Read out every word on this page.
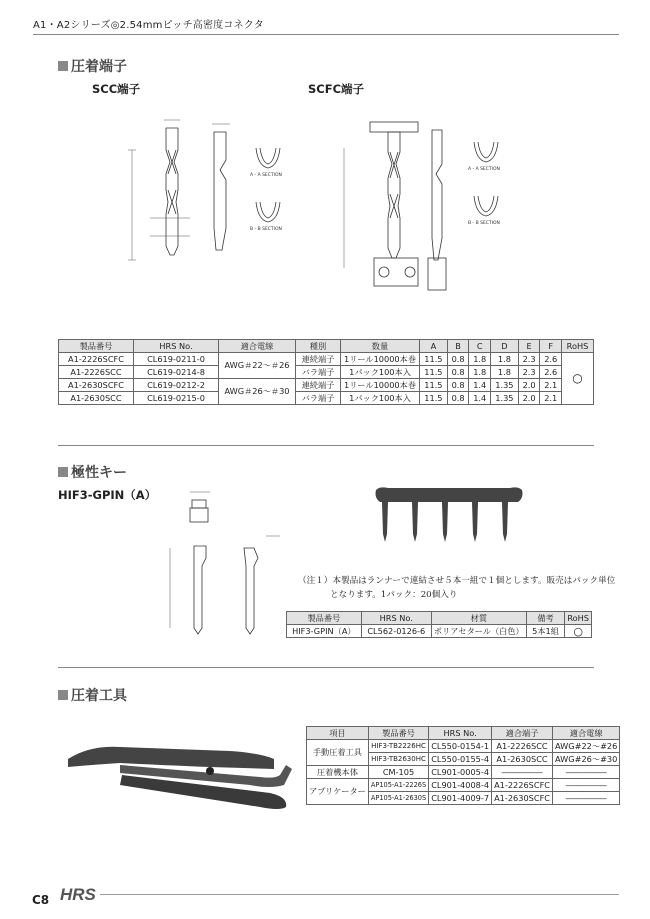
A1・A2シリーズ◎2.54mmピッチ高密度コネクタ
圧着端子
SCC端子	SCFC端子
A - A SECTION
B - B SECTION
A - A SECTION
B - B SECTION
製品番号	HRS No.	適合電線	種別	数量	A	B	C	D	E	F	RoHS
A1-2226SCFC	CL619-0211-0	AWG＃22～＃26	連続端子	1リール10000本巻	11.5	0.8	1.8	1.8	2.3	2.6	○
A1-2226SCC	CL619-0214-8		バラ端子	1パック100本入	11.5	0.8	1.8	1.8	2.3	2.6	
A1-2630SCFC	CL619-0212-2	AWG＃26～＃30	連続端子	1リール10000本巻	11.5	0.8	1.4	1.35	2.0	2.1	
A1-2630SCC	CL619-0215-0		バラ端子	1パック100本入	11.5	0.8	1.4	1.35	2.0	2.1	
極性キー
HIF3-GPIN（A）
（注１）本製品はランナーで連結させ５本一組で１個とします。販売はパック単位
となります。1パック：20個入り
製品番号	HRS No.	材質	備考	RoHS
HIF3-GPIN（A）	CL562-0126-6	ポリアセタール（白色）	5本1組	○
圧着工具
項目	製品番号	HRS No.	適合端子	適合電線
手動圧着工具	HIF3-TB2226HC	CL550-0154-1	A1-2226SCC	AWG#22～#26
	HIF3-TB2630HC	CL550-0155-4	A1-2630SCC	AWG#26～#30
圧着機本体	CM-105	CL901-0005-4	―――――	―――――
アプリケーター	AP105-A1-2226S	CL901-4008-4	A1-2226SCFC	―――――
	AP105-A1-2630S	CL901-4009-7	A1-2630SCFC	―――――
C8 HRS
